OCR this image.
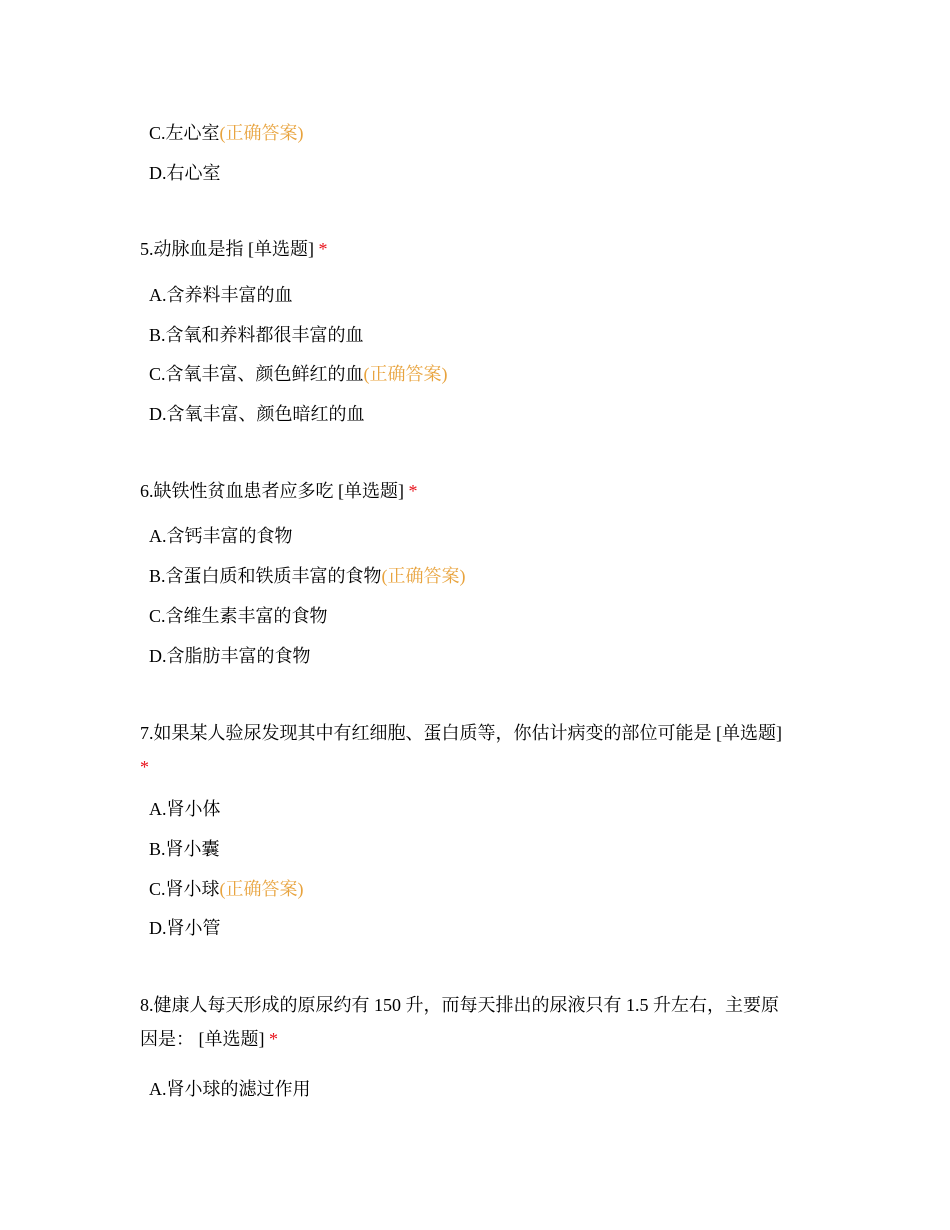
C.左心室(正确答案)
D.右心室
5.动脉血是指 [单选题] *
A.含养料丰富的血
B.含氧和养料都很丰富的血
C.含氧丰富、颜色鲜红的血(正确答案)
D.含氧丰富、颜色暗红的血
6.缺铁性贫血患者应多吃 [单选题] *
A.含钙丰富的食物
B.含蛋白质和铁质丰富的食物(正确答案)
C.含维生素丰富的食物
D.含脂肪丰富的食物
7.如果某人验尿发现其中有红细胞、蛋白质等，你估计病变的部位可能是 [单选题]
*
A.肾小体
B.肾小囊
C.肾小球(正确答案)
D.肾小管
8.健康人每天形成的原尿约有 150 升，而每天排出的尿液只有 1.5 升左右，主要原
因是： [单选题] *
A.肾小球的滤过作用
